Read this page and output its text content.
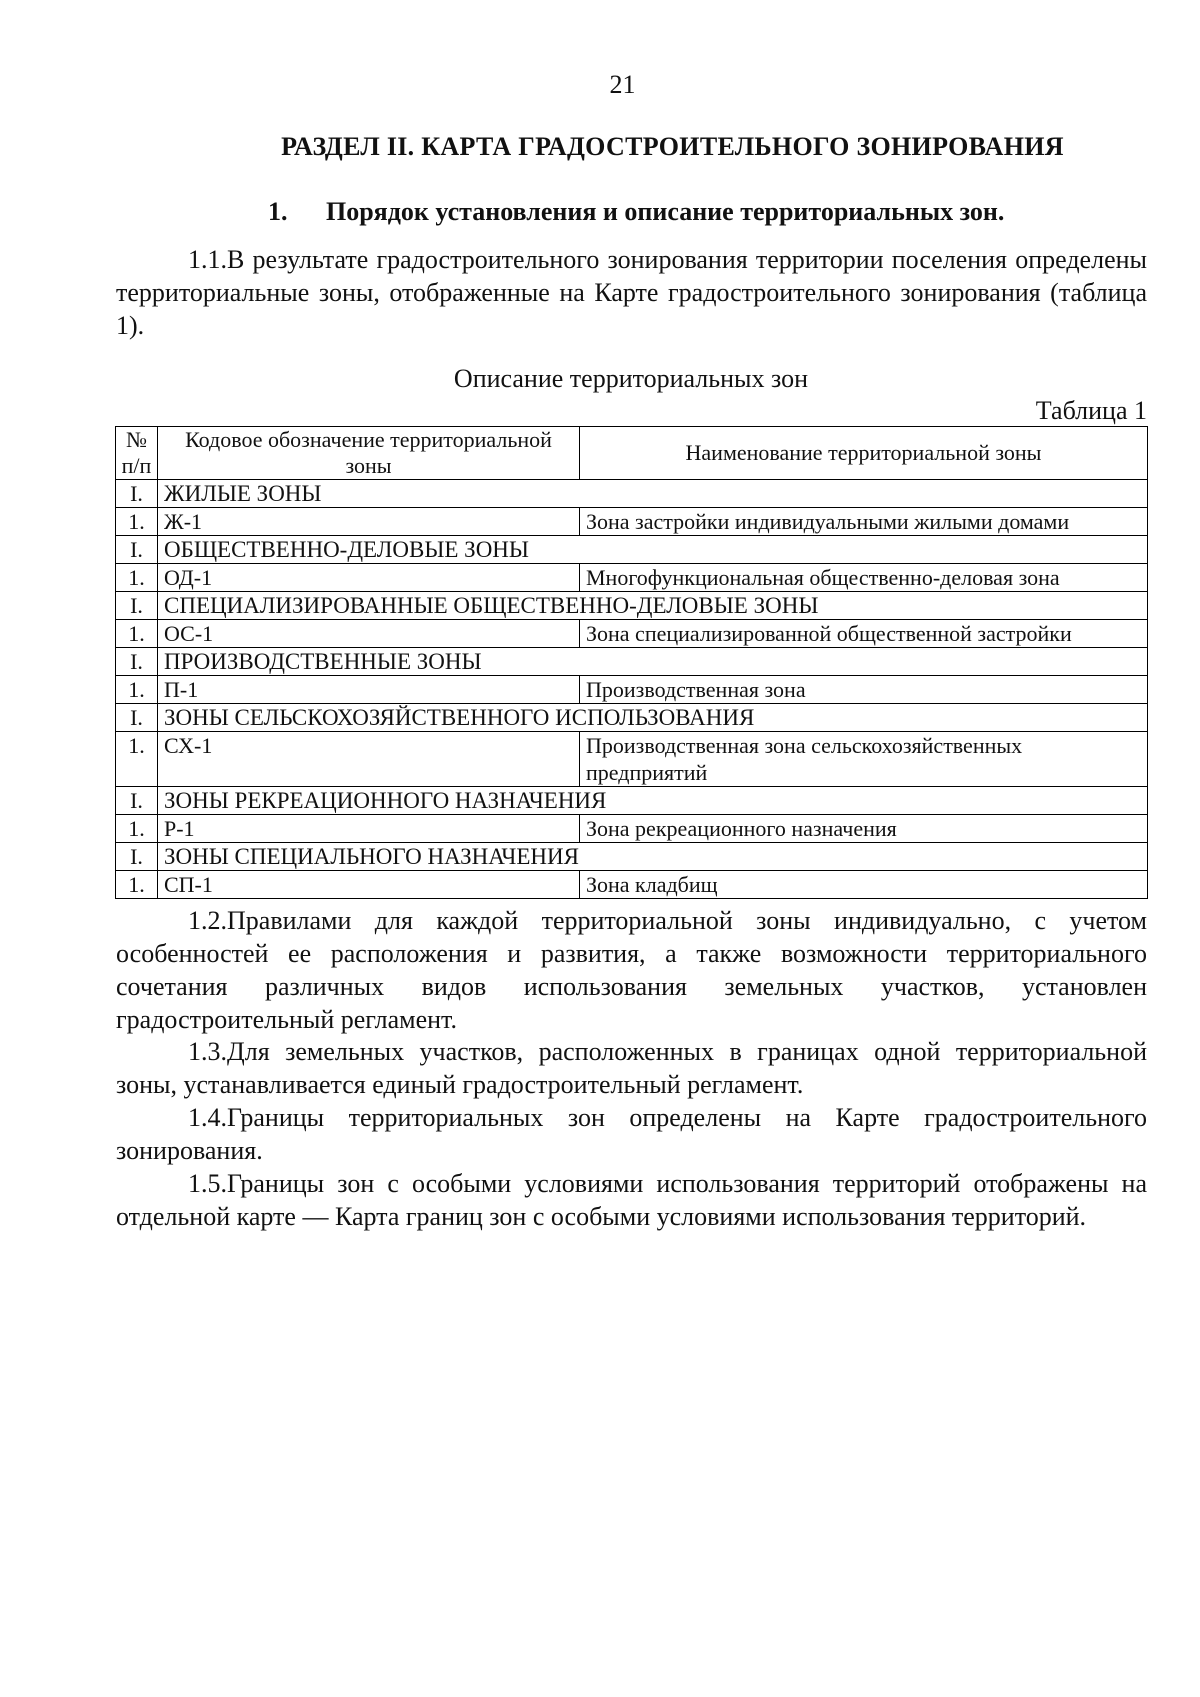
21
РАЗДЕЛ II. КАРТА ГРАДОСТРОИТЕЛЬНОГО ЗОНИРОВАНИЯ
1. Порядок установления и описание территориальных зон.

1.1.В результате градостроительного зонирования территории поселения определены территориальные зоны, отображенные на Карте градостроительного зонирования (таблица 1).

Описание территориальных зон
Таблица 1
№ п/п	Кодовое обозначение территориальной зоны	Наименование территориальной зоны
I.	ЖИЛЫЕ ЗОНЫ	
1.	Ж-1	Зона застройки индивидуальными жилыми домами
I.	ОБЩЕСТВЕННО-ДЕЛОВЫЕ ЗОНЫ	
1.	ОД-1	Многофункциональная общественно-деловая зона
I.	СПЕЦИАЛИЗИРОВАННЫЕ ОБЩЕСТВЕННО-ДЕЛОВЫЕ ЗОНЫ	
1.	ОС-1	Зона специализированной общественной застройки
I.	ПРОИЗВОДСТВЕННЫЕ ЗОНЫ	
1.	П-1	Производственная зона
I.	ЗОНЫ СЕЛЬСКОХОЗЯЙСТВЕННОГО ИСПОЛЬЗОВАНИЯ	
1.	СХ-1	Производственная зона сельскохозяйственных предприятий
I.	ЗОНЫ РЕКРЕАЦИОННОГО НАЗНАЧЕНИЯ	
1.	Р-1	Зона рекреационного назначения
I.	ЗОНЫ СПЕЦИАЛЬНОГО НАЗНАЧЕНИЯ	
1.	СП-1	Зона кладбищ

1.2.Правилами для каждой территориальной зоны индивидуально, с учетом особенностей ее расположения и развития, а также возможности территориального сочетания различных видов использования земельных участков, установлен градостроительный регламент.

1.3.Для земельных участков, расположенных в границах одной территориальной зоны, устанавливается единый градостроительный регламент.

1.4.Границы территориальных зон определены на Карте градостроительного зонирования.

1.5.Границы зон с особыми условиями использования территорий отображены на отдельной карте — Карта границ зон с особыми условиями использования территорий.
